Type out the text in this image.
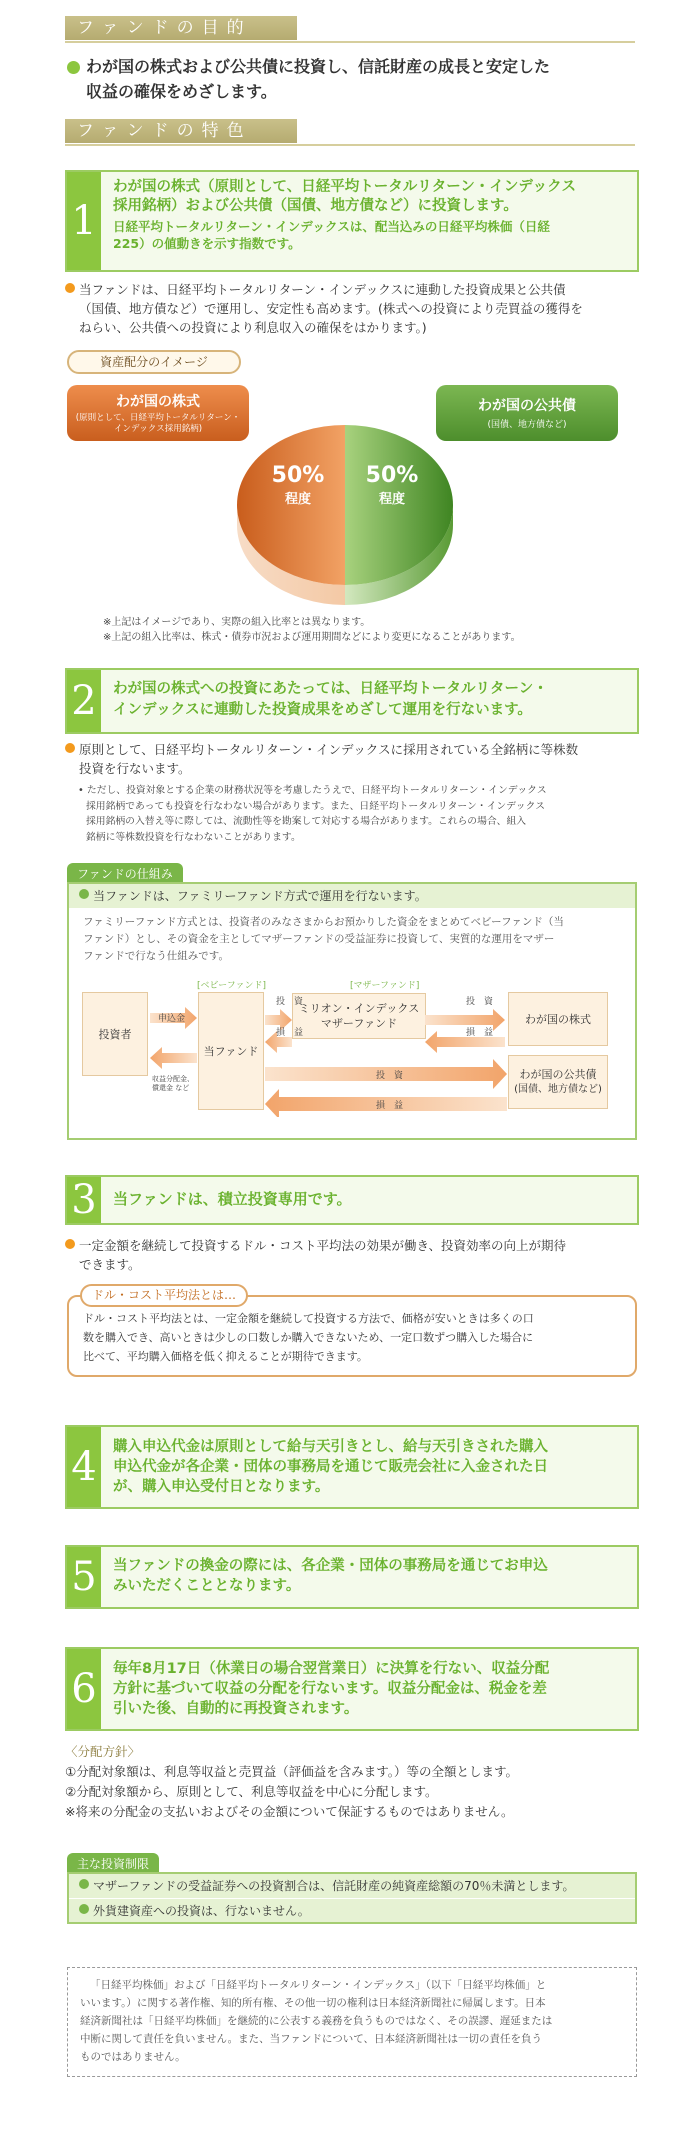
ファンドの目的
わが国の株式および公共債に投資し、信託財産の成長と安定した
収益の確保をめざします。
ファンドの特色
1
わが国の株式（原則として、日経平均トータルリターン・インデックス
採用銘柄）および公共債（国債、地方債など）に投資します。
日経平均トータルリターン・インデックスは、配当込みの日経平均株価（日経
225）の値動きを示す指数です。
当ファンドは、日経平均トータルリターン・インデックスに連動した投資成果と公共債
（国債、地方債など）で運用し、安定性も高めます。(株式への投資により売買益の獲得を
ねらい、公共債への投資により利息収入の確保をはかります。)
資産配分のイメージ
わが国の株式
(原則として、日経平均トータルリターン・
インデックス採用銘柄)
わが国の公共債
(国債、地方債など)
50%
程度
50%
程度
※上記はイメージであり、実際の組入比率とは異なります。
※上記の組入比率は、株式・債券市況および運用期間などにより変更になることがあります。
2 わが国の株式への投資にあたっては、日経平均トータルリターン・
インデックスに連動した投資成果をめざして運用を行ないます。
原則として、日経平均トータルリターン・インデックスに採用されている全銘柄に等株数
投資を行ないます。
• ただし、投資対象とする企業の財務状況等を考慮したうえで、日経平均トータルリターン・インデックス
採用銘柄であっても投資を行なわない場合があります。また、日経平均トータルリターン・インデックス
採用銘柄の入替え等に際しては、流動性等を勘案して対応する場合があります。これらの場合、組入
銘柄に等株数投資を行なわないことがあります。
ファンドの仕組み
当ファンドは、ファミリーファンド方式で運用を行ないます。
ファミリーファンド方式とは、投資者のみなさまからお預かりした資金をまとめてベビーファンド（当
ファンド）とし、その資金を主としてマザーファンドの受益証券に投資して、実質的な運用をマザー
ファンドで行なう仕組みです。
[ベビーファンド]	[マザーファンド]
投資者
当ファンド
ミリオン・インデックス
マザーファンド	わが国の株式
わが国の公共債
(国債、地方債など)
申込金
収益分配金、
償還金 など
投　資
損　益
投　資
損　益
投　資
損　益
3 当ファンドは、積立投資専用です。
一定金額を継続して投資するドル・コスト平均法の効果が働き、投資効率の向上が期待
できます。
ドル・コスト平均法とは、一定金額を継続して投資する方法で、価格が安いときは多くの口
数を購入でき、高いときは少しの口数しか購入できないため、一定口数ずつ購入した場合に
比べて、平均購入価格を低く抑えることが期待できます。
ドル・コスト平均法とは…
4 購入申込代金は原則として給与天引きとし、給与天引きされた購入
申込代金が各企業・団体の事務局を通じて販売会社に入金された日
が、購入申込受付日となります。
5 当ファンドの換金の際には、各企業・団体の事務局を通じてお申込
みいただくこととなります。
6 毎年8月17日（休業日の場合翌営業日）に決算を行ない、収益分配
方針に基づいて収益の分配を行ないます。収益分配金は、税金を差
引いた後、自動的に再投資されます。
〈分配方針〉
①分配対象額は、利息等収益と売買益（評価益を含みます。）等の全額とします。
②分配対象額から、原則として、利息等収益を中心に分配します。
※将来の分配金の支払いおよびその金額について保証するものではありません。
主な投資制限
マザーファンドの受益証券への投資割合は、信託財産の純資産総額の70％未満とします。
外貨建資産への投資は、行ないません。
「日経平均株価」および「日経平均トータルリターン・インデックス」（以下「日経平均株価」と
いいます。）に関する著作権、知的所有権、その他一切の権利は日本経済新聞社に帰属します。日本
経済新聞社は「日経平均株価」を継続的に公表する義務を負うものではなく、その誤謬、遅延または
中断に関して責任を負いません。また、当ファンドについて、日本経済新聞社は一切の責任を負う
ものではありません。
